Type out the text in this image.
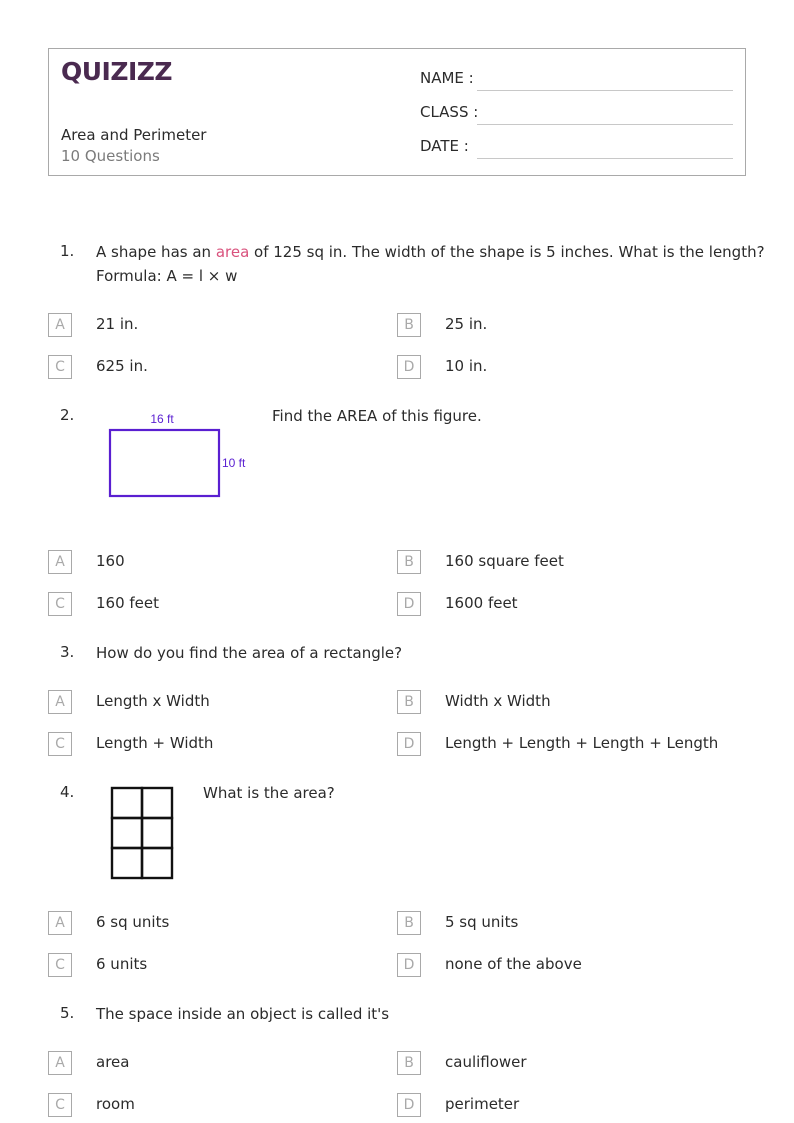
QUIZIZZ
Area and Perimeter
10 Questions
NAME :
CLASS :
DATE :
1. A shape has an area of 125 sq in. The width of the shape is 5 inches. What is the length?
Formula: A = l × w
A	21 in.	B	25 in.
C	625 in.	D	10 in.
2.	16 ft
10 ft
Find the AREA of this figure.
A	160	B	160 square feet
C	160 feet	D	1600 feet
3. How do you find the area of a rectangle?
A	Length x Width	B	Width x Width
C	Length + Width	D	Length + Length + Length + Length
4.	What is the area?
A	6 sq units	B	5 sq units
C	6 units	D	none of the above
5. The space inside an object is called it's
A	area	B	cauliflower
C	room	D	perimeter
